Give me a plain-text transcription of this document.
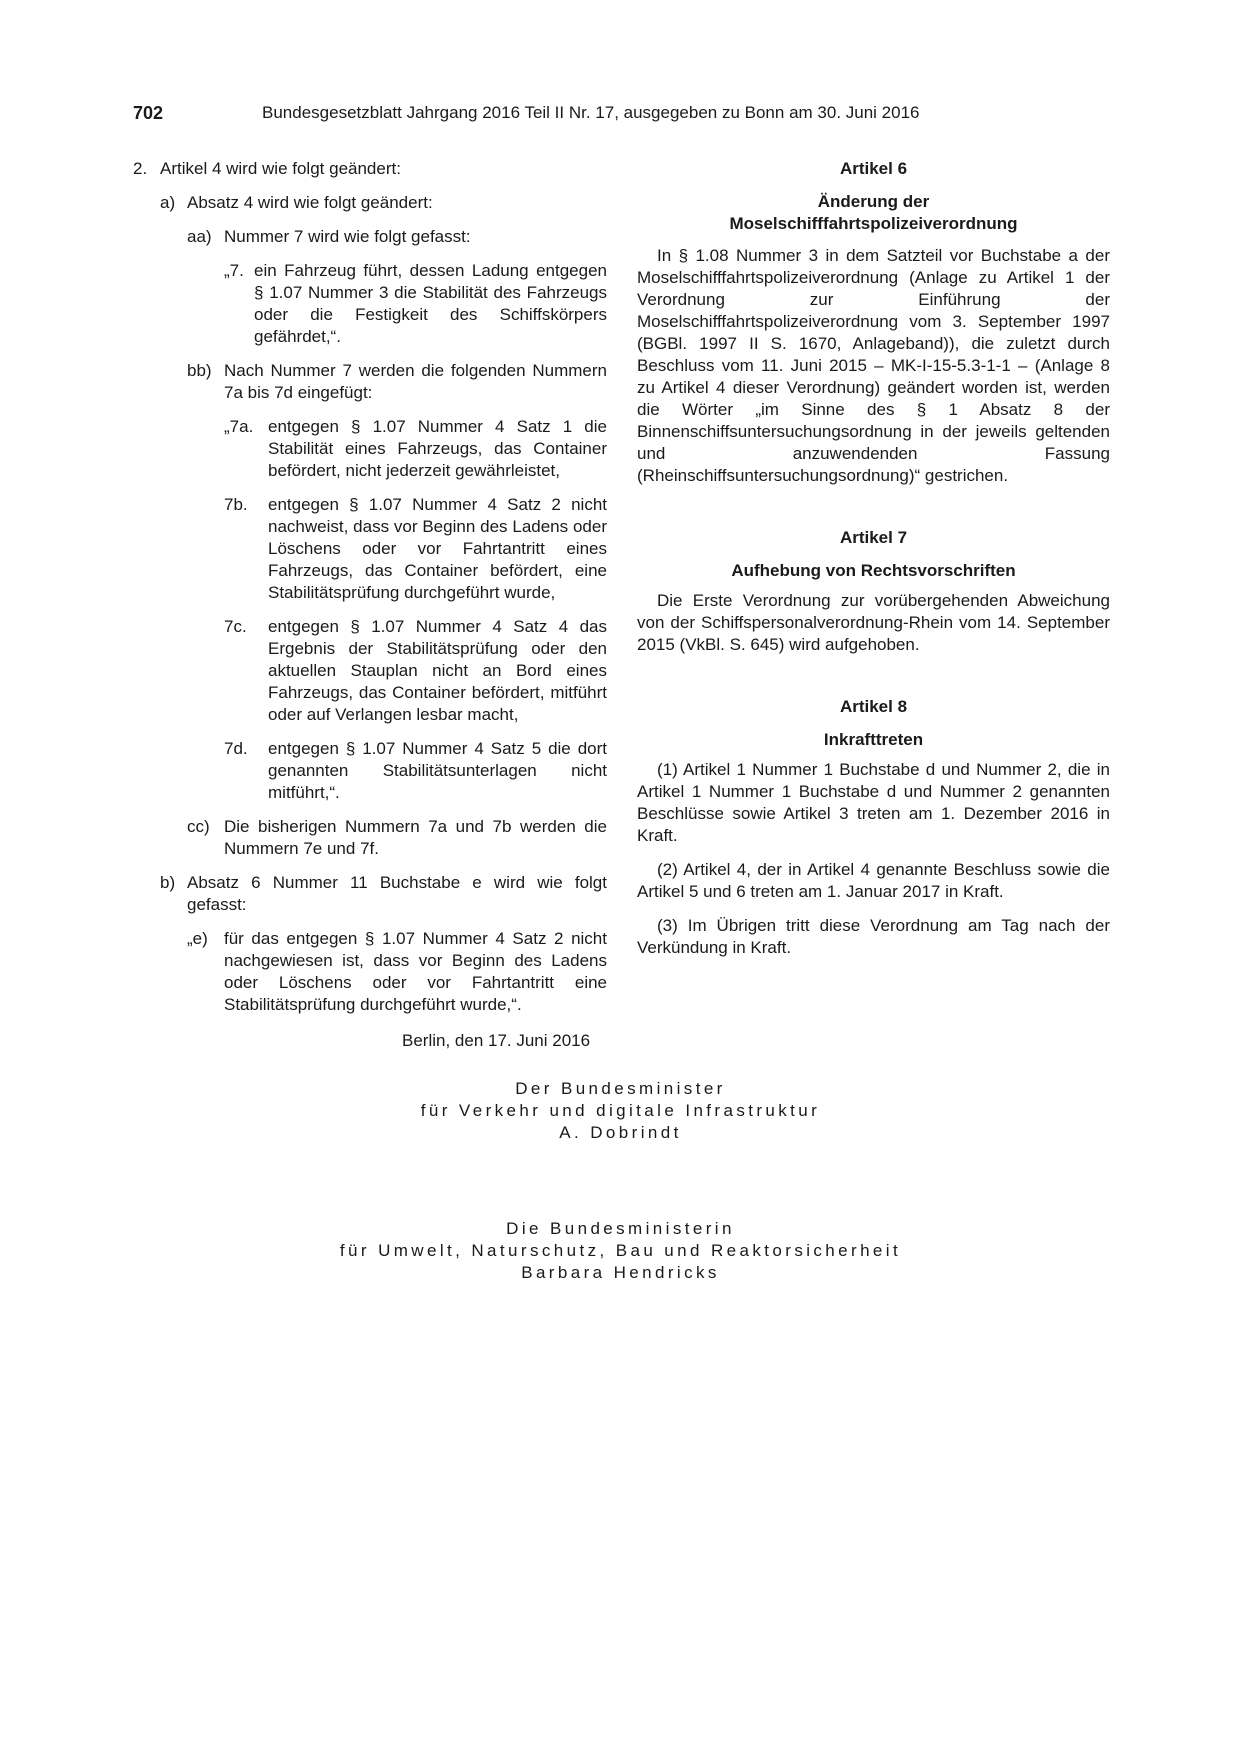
702	Bundesgesetzblatt Jahrgang 2016 Teil II Nr. 17, ausgegeben zu Bonn am 30. Juni 2016
2. Artikel 4 wird wie folgt geändert:
a) Absatz 4 wird wie folgt geändert:
aa) Nummer 7 wird wie folgt gefasst:
„7. ein Fahrzeug führt, dessen Ladung entgegen § 1.07 Nummer 3 die Stabilität des Fahrzeugs oder die Festigkeit des Schiffskörpers gefährdet,“.
bb) Nach Nummer 7 werden die folgenden Nummern 7a bis 7d eingefügt:
„7a. entgegen § 1.07 Nummer 4 Satz 1 die Stabilität eines Fahrzeugs, das Container befördert, nicht jederzeit gewährleistet,
7b.	entgegen § 1.07 Nummer 4 Satz 2 nicht nachweist, dass vor Beginn des Ladens oder Löschens oder vor Fahrtantritt eines Fahrzeugs, das Container befördert, eine Stabilitätsprüfung durchgeführt wurde,
7c.	entgegen § 1.07 Nummer 4 Satz 4 das Ergebnis der Stabilitätsprüfung oder den aktuellen Stauplan nicht an Bord eines Fahrzeugs, das Container befördert, mitführt oder auf Verlangen lesbar macht,
7d.	entgegen § 1.07 Nummer 4 Satz 5 die dort genannten Stabilitätsunterlagen nicht mitführt,“.
cc) Die bisherigen Nummern 7a und 7b werden die Nummern 7e und 7f.
b) Absatz 6 Nummer 11 Buchstabe e wird wie folgt gefasst:
„e) für das entgegen § 1.07 Nummer 4 Satz 2 nicht nachgewiesen ist, dass vor Beginn des Ladens oder Löschens oder vor Fahrtantritt eine Stabilitätsprüfung durchgeführt wurde,“.
Artikel 6
Änderung der
Moselschifffahrtspolizeiverordnung

In § 1.08 Nummer 3 in dem Satzteil vor Buchstabe a der Moselschifffahrtspolizeiverordnung (Anlage zu Artikel 1 der Verordnung zur Einführung der Moselschifffahrtspolizeiverordnung vom 3. September 1997 (BGBl. 1997 II S. 1670, Anlageband)), die zuletzt durch Beschluss vom 11. Juni 2015 – MK-I-15-5.3-1-1 – (Anlage 8 zu Artikel 4 dieser Verordnung) geändert worden ist, werden die Wörter „im Sinne des § 1 Absatz 8 der Binnenschiffsuntersuchungsordnung in der jeweils geltenden und anzuwendenden Fassung (Rheinschiffsuntersuchungsordnung)“ gestrichen.

Artikel 7
Aufhebung von Rechtsvorschriften

Die Erste Verordnung zur vorübergehenden Abweichung von der Schiffspersonalverordnung-Rhein vom 14. September 2015 (VkBl. S. 645) wird aufgehoben.

Artikel 8
Inkrafttreten

(1) Artikel 1 Nummer 1 Buchstabe d und Nummer 2, die in Artikel 1 Nummer 1 Buchstabe d und Nummer 2 genannten Beschlüsse sowie Artikel 3 treten am 1. Dezember 2016 in Kraft.

(2) Artikel 4, der in Artikel 4 genannte Beschluss sowie die Artikel 5 und 6 treten am 1. Januar 2017 in Kraft.

(3) Im Übrigen tritt diese Verordnung am Tag nach der Verkündung in Kraft.

Berlin, den 17. Juni 2016
Der Bundesminister
für Verkehr und digitale Infrastruktur
A. Dobrindt
Die Bundesministerin
für Umwelt, Naturschutz, Bau und Reaktorsicherheit
Barbara Hendricks
